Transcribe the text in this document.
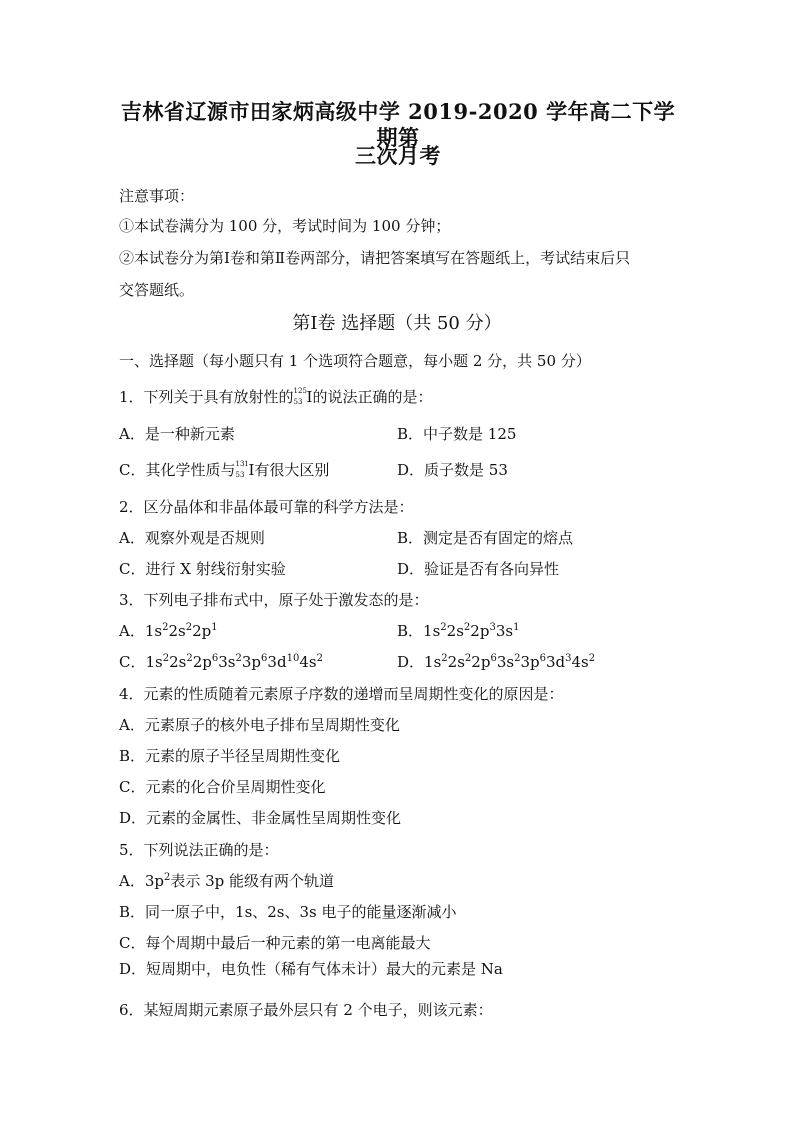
吉林省辽源市田家炳高级中学 2019-2020 学年高二下学期第
三次月考
注意事项：
①本试卷满分为 100 分，考试时间为 100 分钟；
②本试卷分为第Ⅰ卷和第Ⅱ卷两部分，请把答案填写在答题纸上，考试结束后只
交答题纸。
第Ⅰ卷 选择题（共 50 分）
一、选择题（每小题只有 1 个选项符合题意，每小题 2 分，共 50 分）
1．下列关于具有放射性的 125
53 I的说法正确的是：
A．是一种新元素	B．中子数是 125
C．其化学性质与 131
53 I有很大区别	D．质子数是 53
2．区分晶体和非晶体最可靠的科学方法是：
A．观察外观是否规则	B．测定是否有固定的熔点
C．进行 X 射线衍射实验	D．验证是否有各向异性
3．下列电子排布式中，原子处于激发态的是：
A．$1s^22s^22p^1$	B．$1s^22s^22p^33s^1$
C．$1s^22s^22p^63s^23p^63d^{10}4s^2$	D．$1s^22s^22p^63s^23p^63d^34s^2$
4．元素的性质随着元素原子序数的递增而呈周期性变化的原因是：
A．元素原子的核外电子排布呈周期性变化
B．元素的原子半径呈周期性变化
C．元素的化合价呈周期性变化
D．元素的金属性、非金属性呈周期性变化
5．下列说法正确的是：
A．$3p^2$表示 3p 能级有两个轨道
B．同一原子中，1s、2s、3s 电子的能量逐渐减小
C．每个周期中最后一种元素的第一电离能最大
D．短周期中，电负性（稀有气体未计）最大的元素是 Na
6．某短周期元素原子最外层只有 2 个电子，则该元素：
